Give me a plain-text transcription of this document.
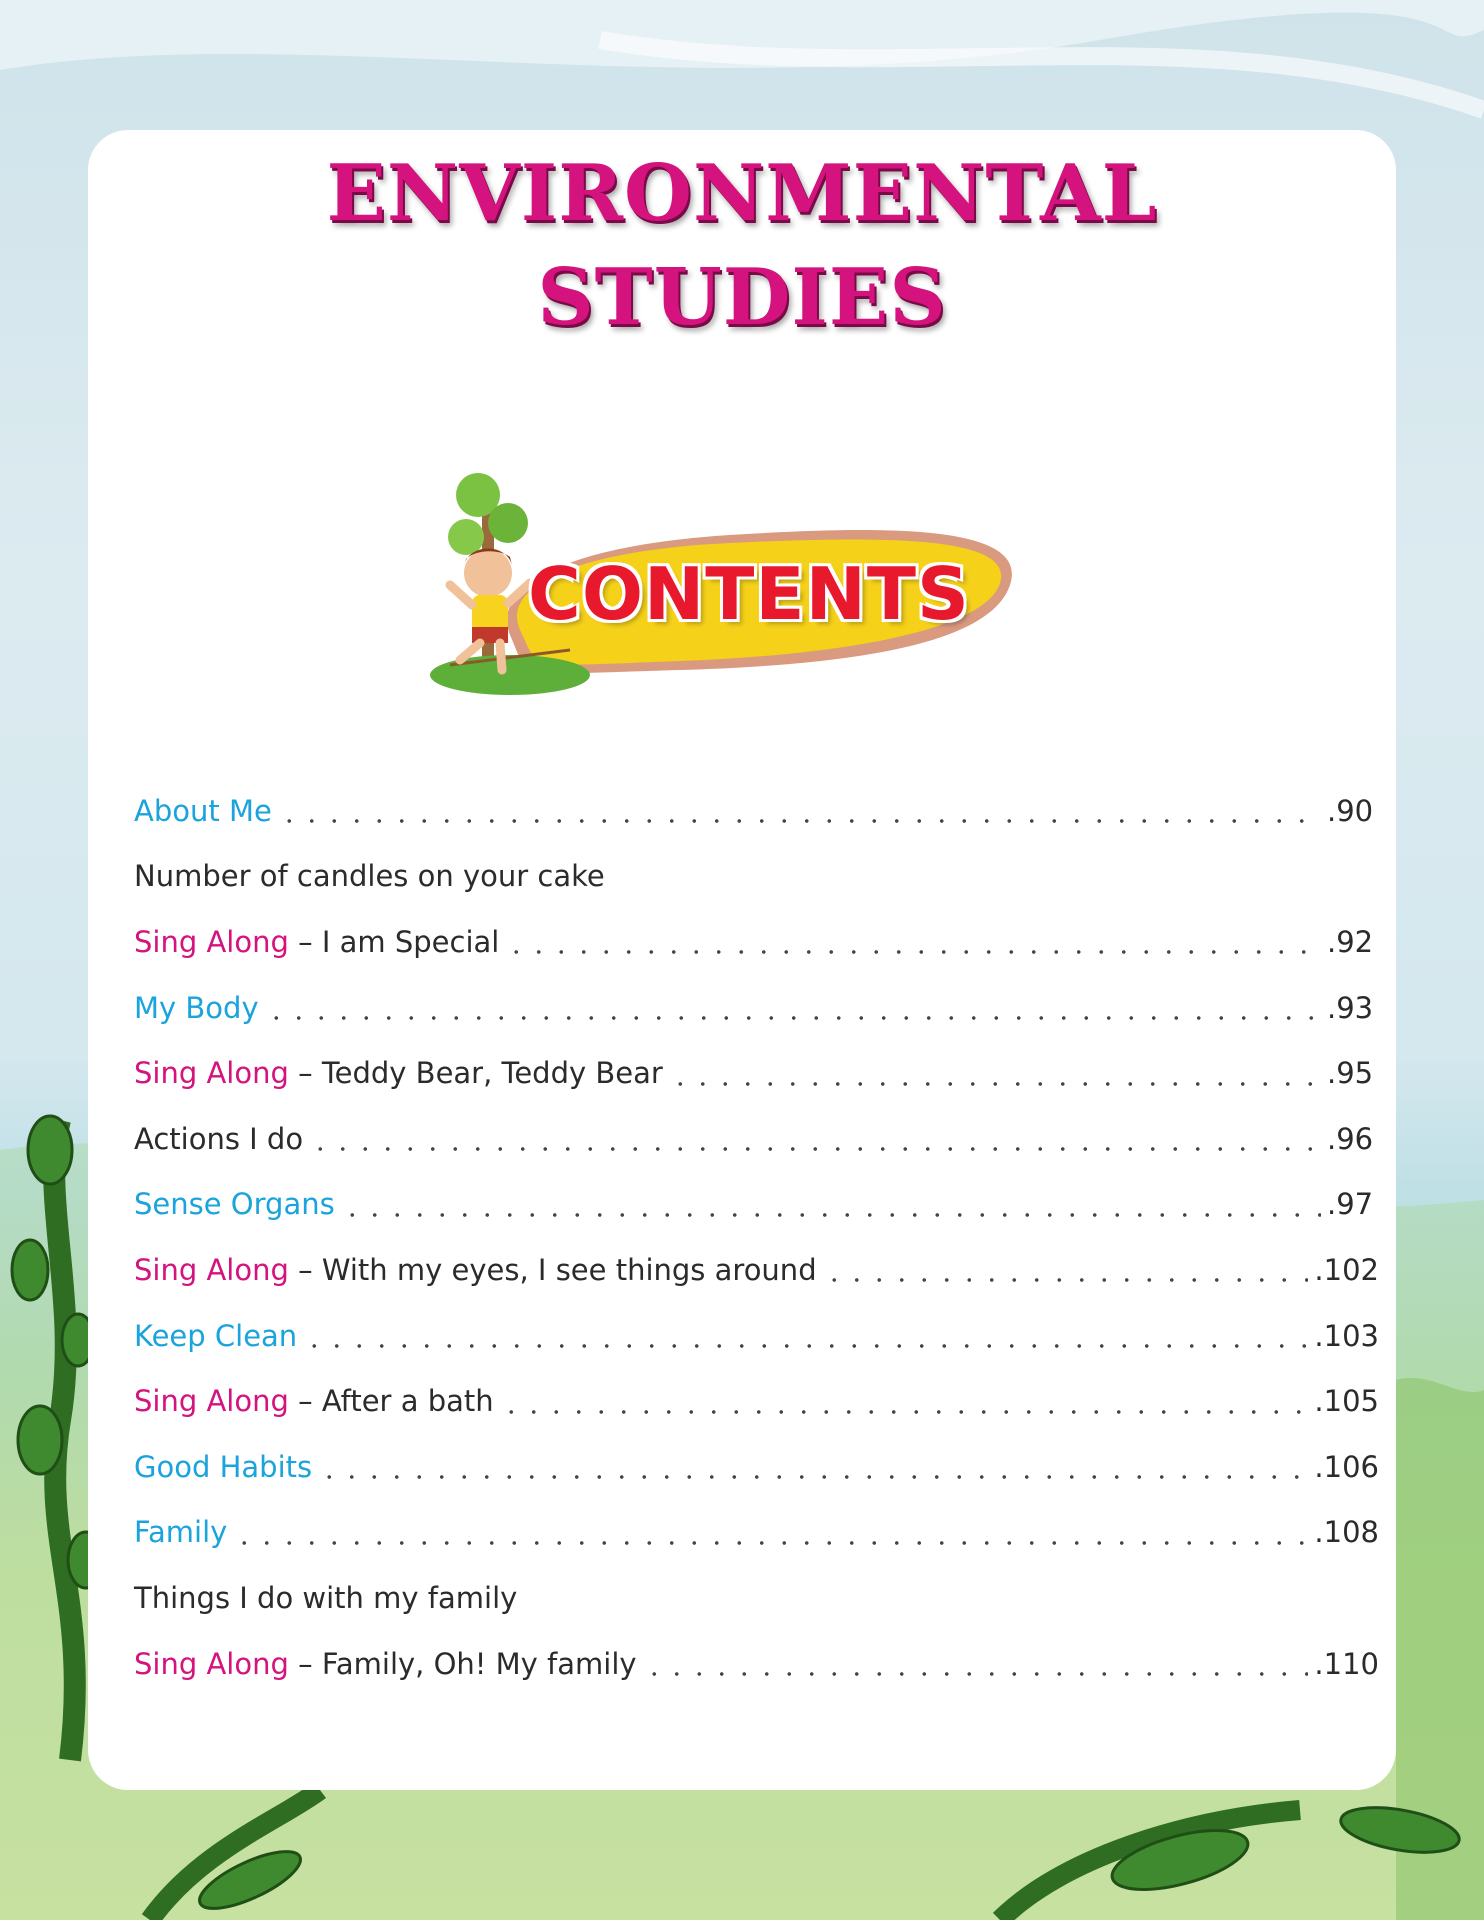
ENVIRONMENTAL
STUDIES
CONTENTS
About Me	.90
Number of candles on your cake
Sing Along – I am Special	.92
My Body	.93
Sing Along – Teddy Bear, Teddy Bear	.95
Actions I do	.96
Sense Organs	.97
Sing Along – With my eyes, I see things around	.102
Keep Clean	.103
Sing Along – After a bath	.105
Good Habits	.106
Family	.108
Things I do with my family
Sing Along – Family, Oh! My family	.110
